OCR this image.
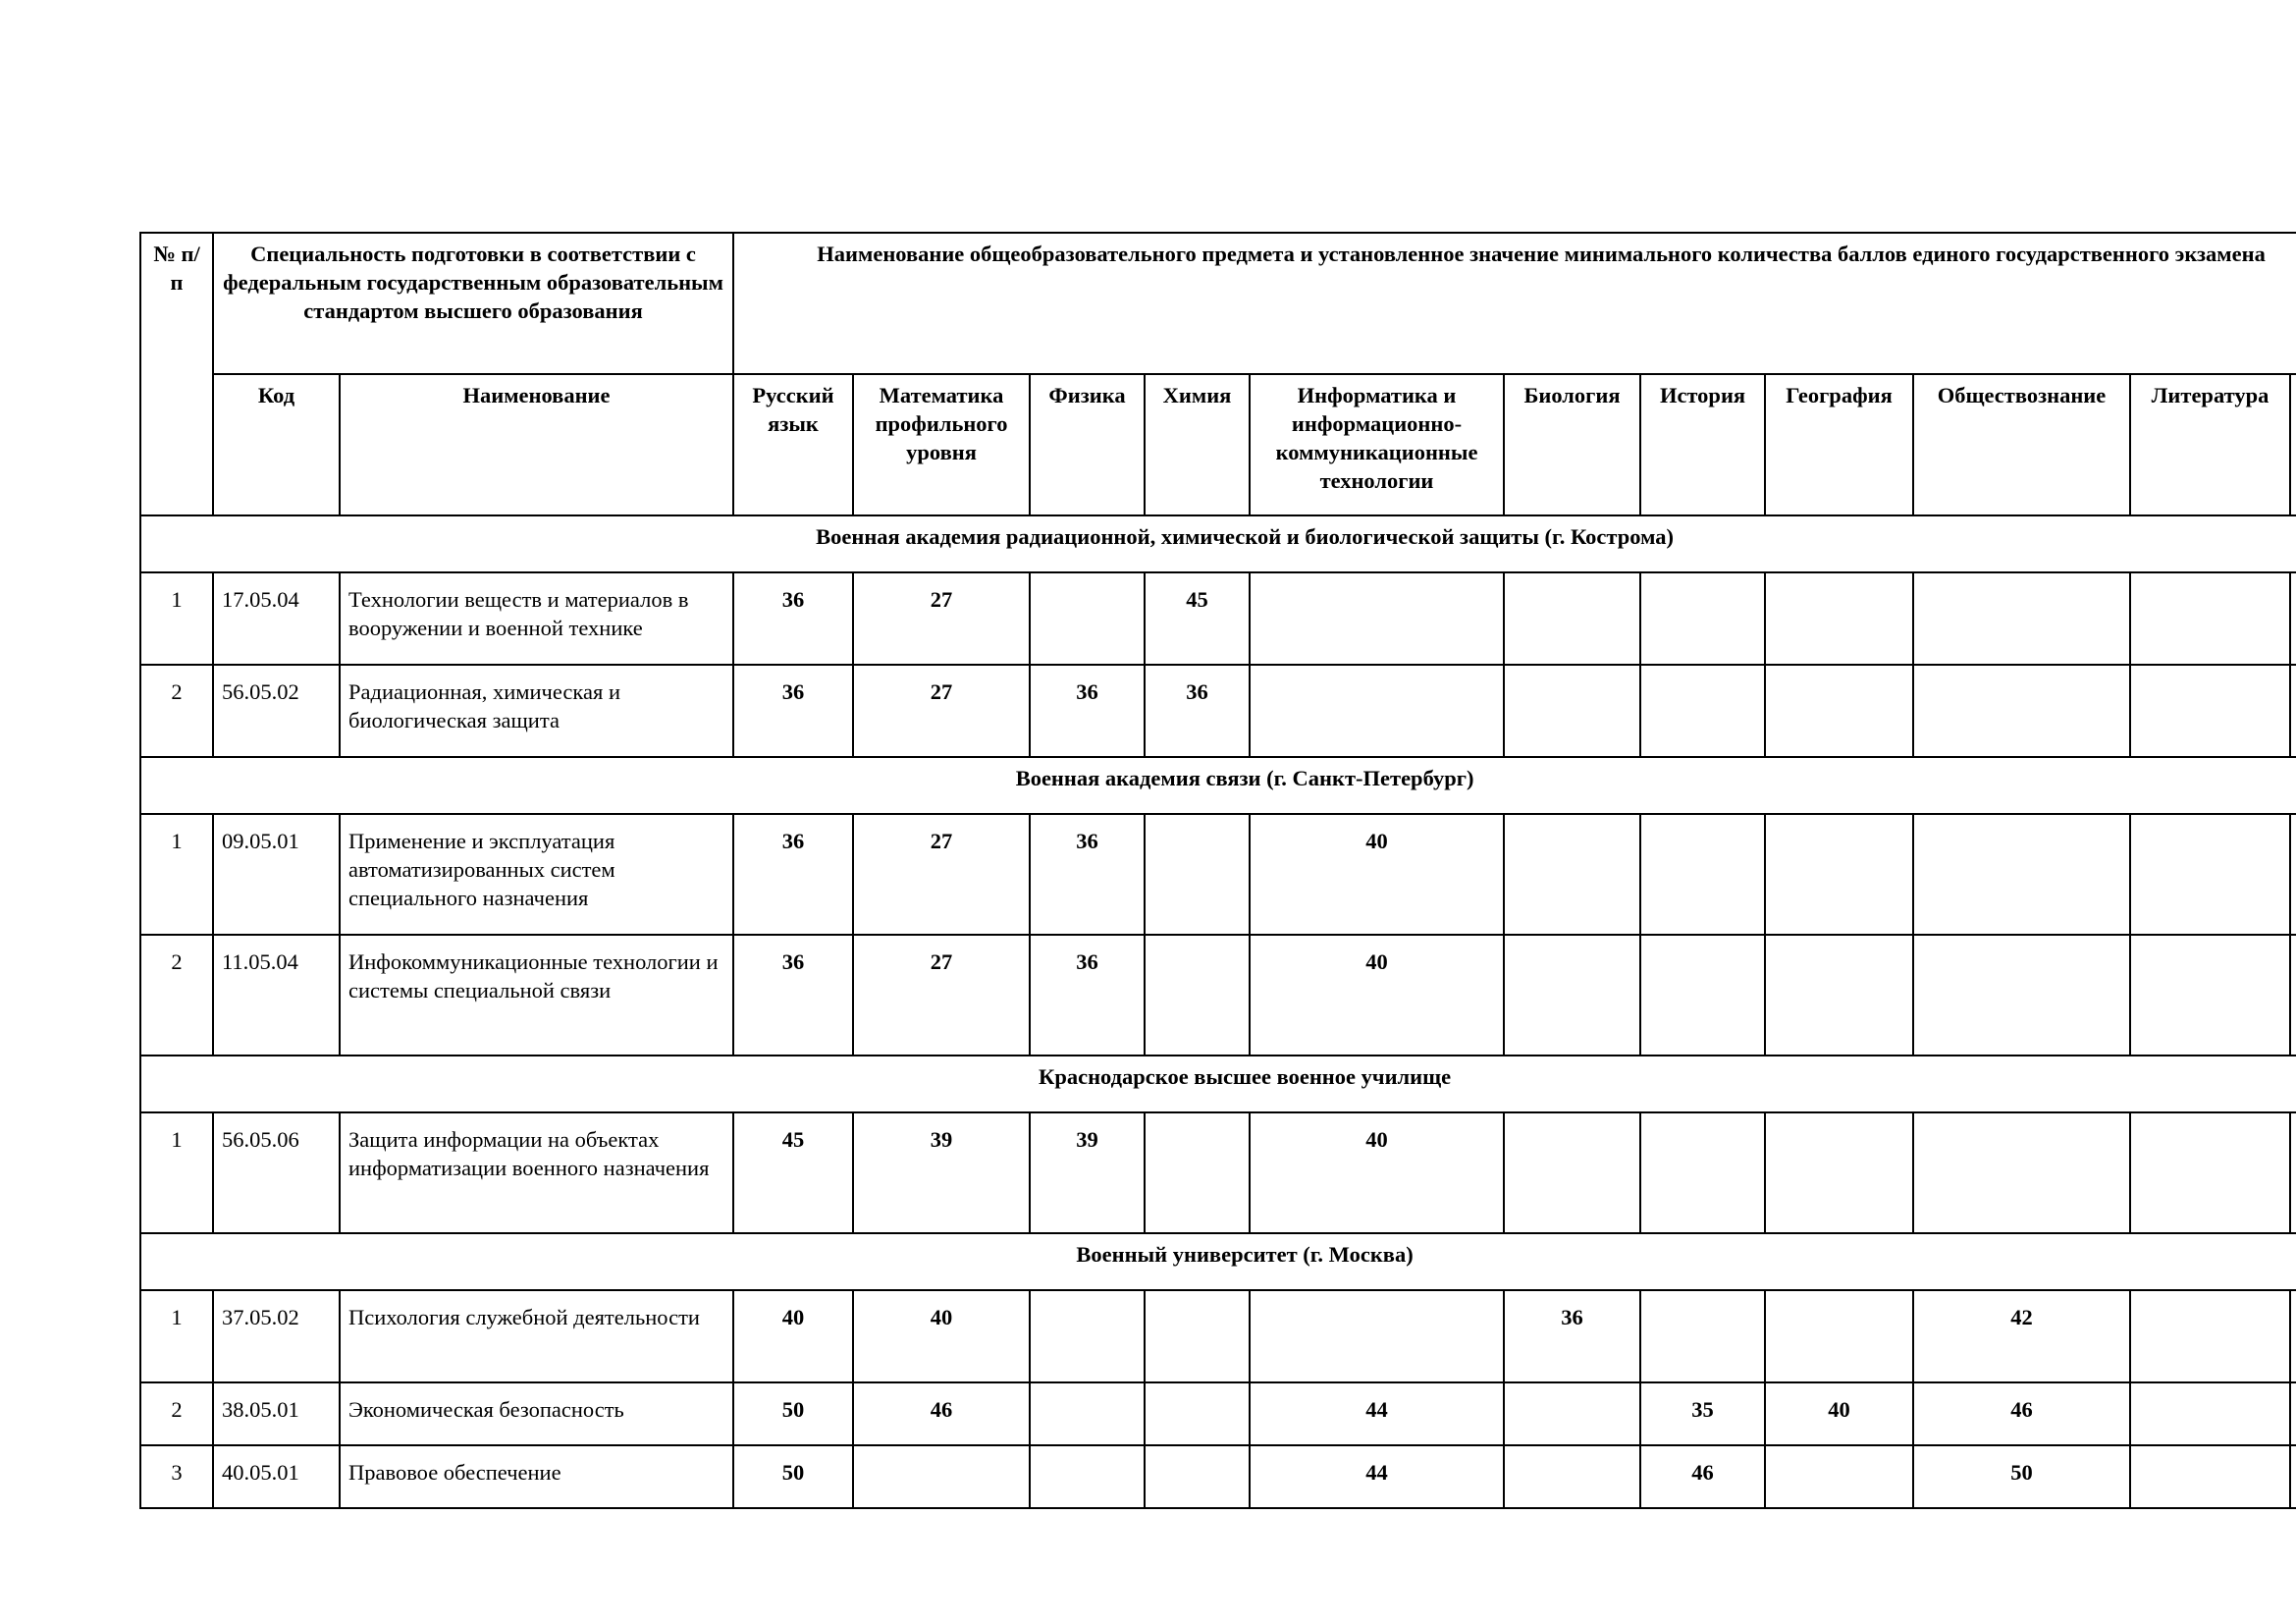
№ п/п	Специальность подготовки в соответствии с федеральным государственным образовательным стандартом высшего образования		Наименование общеобразовательного предмета и установленное значение минимального количества баллов единого государственного экзамена										
	Код	Наименование	Русский язык	Математика профильного уровня	Физика	Химия	Информатика и информационно-коммуникационные технологии	Биология	История	География	Обществознание	Литература	
Военная академия радиационной, химической и биологической защиты (г. Кострома)													
1	17.05.04	Технологии веществ и материалов в вооружении и военной технике	36	27		45							
2	56.05.02	Радиационная, химическая и биологическая защита	36	27	36	36							
Военная академия связи (г. Санкт-Петербург)													
1	09.05.01	Применение и эксплуатация автоматизированных систем специального назначения	36	27	36		40						
2	11.05.04	Инфокоммуникационные технологии и системы специальной связи	36	27	36		40						
Краснодарское высшее военное училище													
1	56.05.06	Защита информации на объектах информатизации военного назначения	45	39	39		40						
Военный университет (г. Москва)													
1	37.05.02	Психология служебной деятельности	40	40				36			42		
2	38.05.01	Экономическая безопасность	50	46			44		35	40	46		
3	40.05.01	Правовое обеспечение	50				44		46		50		
